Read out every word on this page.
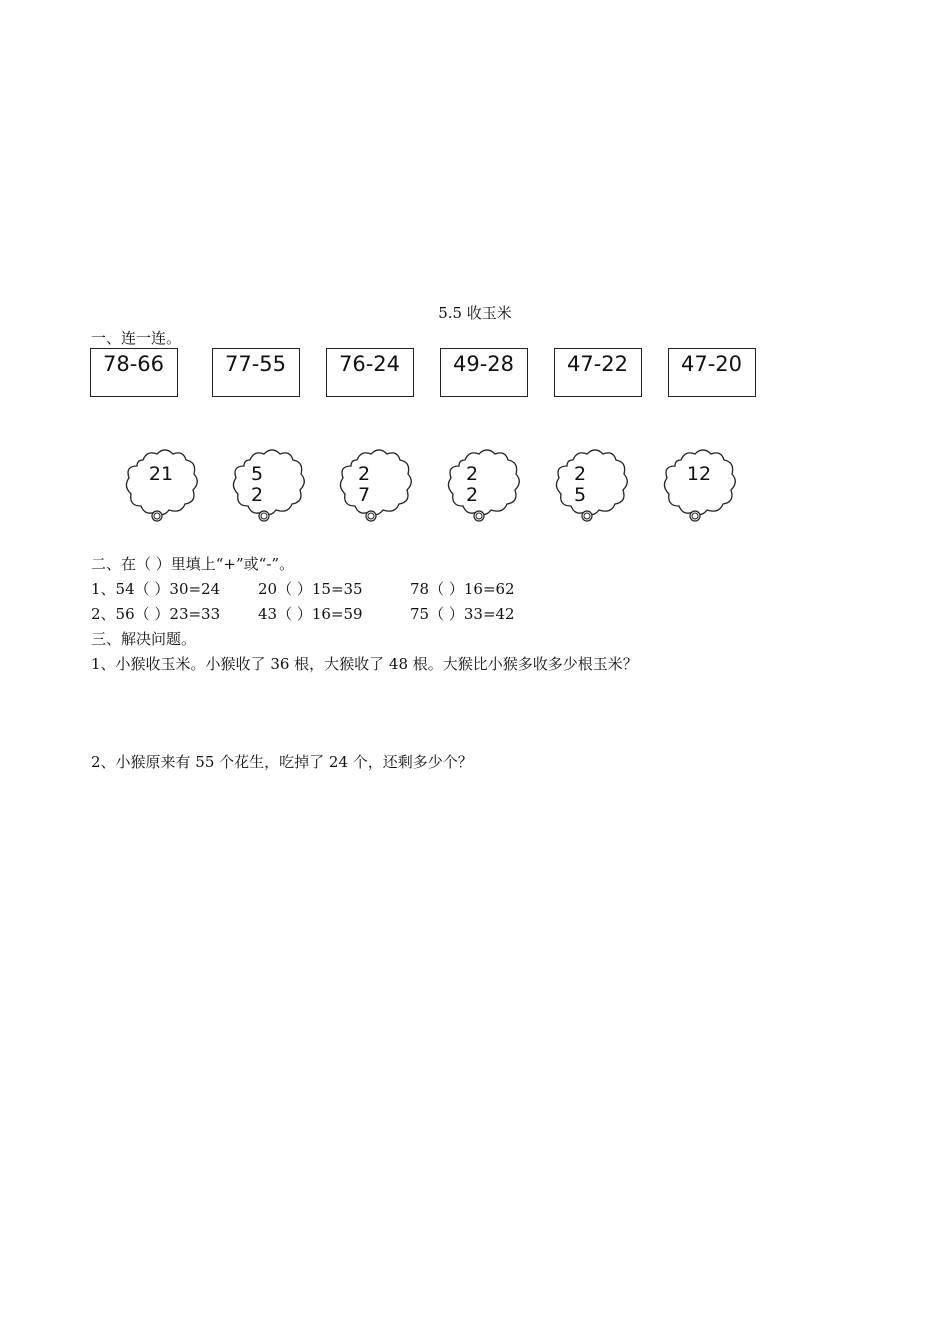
5.5 收玉米
一、连一连。
78-66	77-55	76-24	49-28	47-22	47-20
21	5
2
2
7
2
2
2
5
12
二、在（ ）里填上“+”或“-”。
1、54（ ）30=24	20（ ）15=35	78（ ）16=62
2、56（ ）23=33	43（ ）16=59	75（ ）33=42
三、解决问题。
1、小猴收玉米。小猴收了 36 根，大猴收了 48 根。大猴比小猴多收多少根玉米？
2、小猴原来有 55 个花生，吃掉了 24 个，还剩多少个？
